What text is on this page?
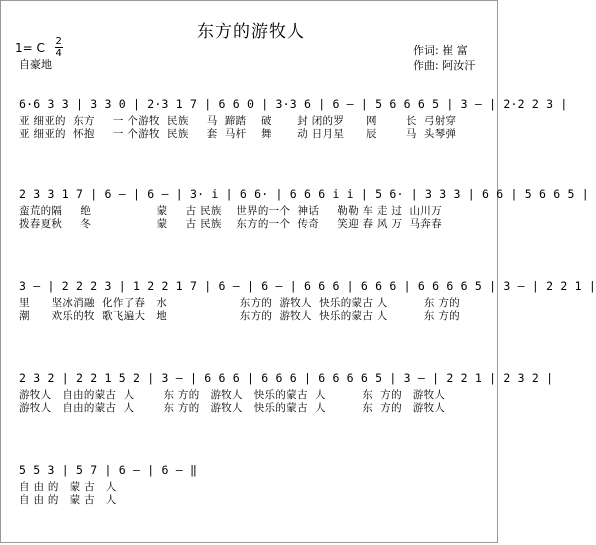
东方的游牧人
1= C $\frac{2}{4}$
自豪地
作词: 崔 富
作曲: 阿汝汗
6·6 3 3 | 3 3 0 | 2·3 1 7 | 6 6 0 | 3·3 6 | 6 – | 5 6 6 6 5 | 3 – | 2·2 2 3 |
亚 细亚的  东方     一 个游牧  民族     马  蹄踏    破       封 闭的罗      网        长  弓射穿
亚 细亚的  怀抱     一 个游牧  民族     套  马杆    舞       动 日月星      辰        马  头琴弹
2 3 3 1 7 | 6 – | 6 – | 3· i | 6 6· | 6 6 6 i i | 5 6· | 3 3 3 | 6 6 | 5 6 6 5 |
蛮荒的隔     绝                  蒙     古 民族    世界的一个  神话     勒勒 车 走 过  山川万
拨春夏秋     冬                  蒙     古 民族    东方的一个  传奇     笑迎 春 风 万  马奔春
3 – | 2 2 2 3 | 1 2 2 1 7 | 6 – | 6 – | 6 6 6 | 6 6 6 | 6 6 6 6 5 | 3 – | 2 2 1 |
里      坚冰消融  化作了春   水                    东方的  游牧人  快乐的蒙古 人          东 方的
潮      欢乐的牧  歌飞遍大   地                    东方的  游牧人  快乐的蒙古 人          东 方的
2 3 2 | 2 2 1 5 2 | 3 – | 6 6 6 | 6 6 6 | 6 6 6 6 5 | 3 – | 2 2 1 | 2 3 2 |
游牧人   自由的蒙古  人        东 方的   游牧人   快乐的蒙古  人          东  方的   游牧人
游牧人   自由的蒙古  人        东 方的   游牧人   快乐的蒙古  人          东  方的   游牧人
5 5 3 | 5 7 | 6 – | 6 – ‖
自 由 的   蒙 古   人
自 由 的   蒙 古   人
